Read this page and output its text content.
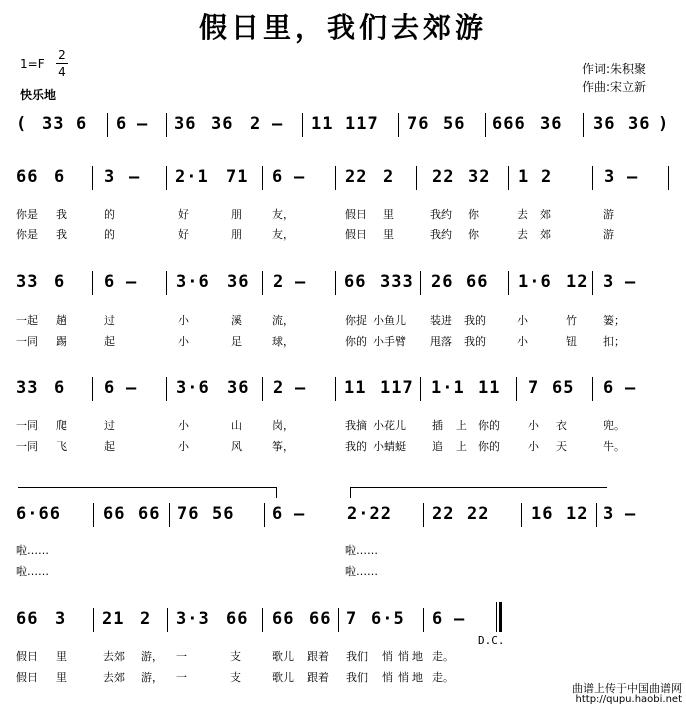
假日里，我们去郊游
1=F
2
4
快乐地
作词:朱积聚
作曲:宋立新
( 33 6 6 – 36 36 2 – 11 117 76 56 666 36 36 36 )
66 6 3 – 2·1 71 6 – 22 2 22 32 1 2	3 –
你是 我	的	好	朋	友，	假日 里	我约 你	去 郊	游
你是 我	的	好	朋	友，	假日 里	我约 你	去 郊	游
33 6 6 – 3·6 36 2 – 66 333 26 66 1·6 12 3 –
一起 趟	过	小	溪	流，	你捉 小鱼儿 装进 我的	小	竹 篓；
一同 踢	起	小	足	球，	你的 小手臂 甩落 我的	小	钮 扣；
33 6 6 – 3·6 36 2 – 11 117 1·1 11 7 65 6 –
一同 爬	过	小	山	岗，	我摘 小花儿 插 上 你的	小 衣	兜。
一同 飞	起	小	风	筝，	我的 小蜻蜓 追 上 你的	小 天	牛。
6·66 66 66 76 56 6 – 2·22 22 22 16 12 3 –
啦……	啦……
啦……	啦……
66 3 21 2 3·3 66 66 66 7 6·5 6 –
D.C.
假日 里	去郊 游， 一	支	歌儿 跟着 我们 悄 悄 地 走。
假日 里	去郊 游， 一	支	歌儿 跟着 我们 悄 悄 地 走。
曲谱上传于中国曲谱网
http://qupu.haobi.net
